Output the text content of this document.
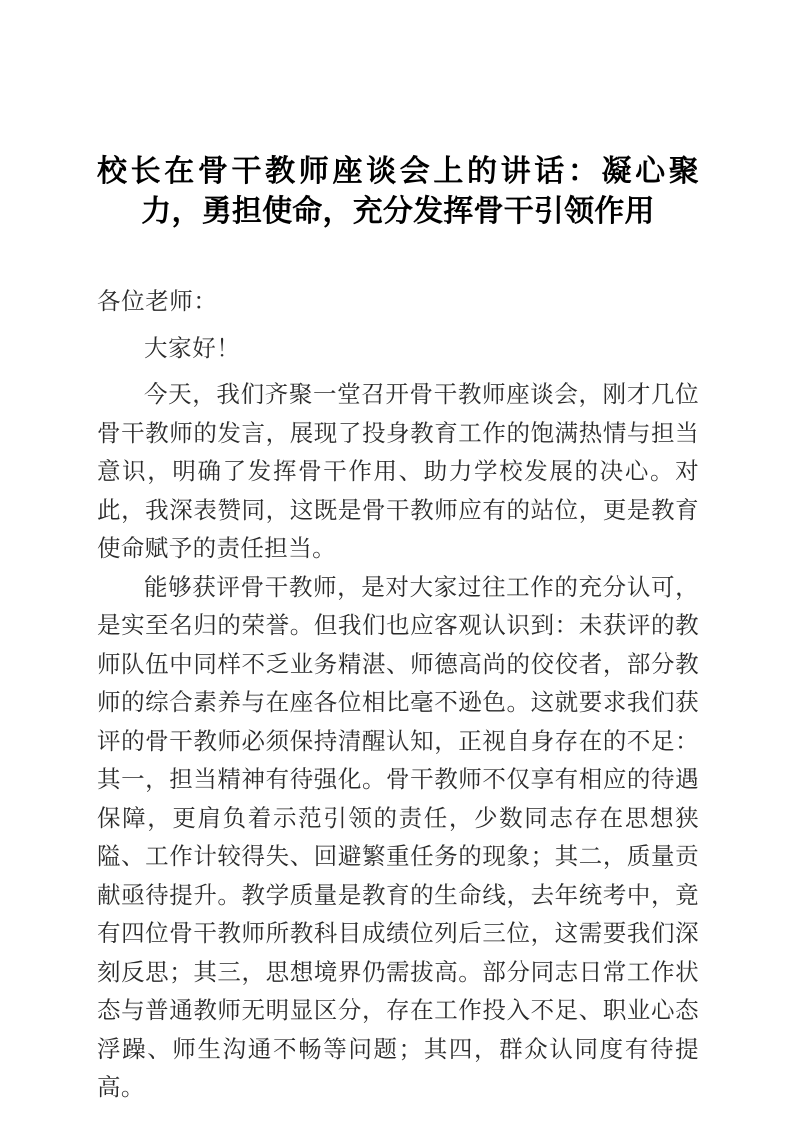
校长在骨干教师座谈会上的讲话：凝心聚力，勇担使命，充分发挥骨干引领作用

各位老师：

大家好！

今天，我们齐聚一堂召开骨干教师座谈会，刚才几位骨干教师的发言，展现了投身教育工作的饱满热情与担当意识，明确了发挥骨干作用、助力学校发展的决心。对此，我深表赞同，这既是骨干教师应有的站位，更是教育使命赋予的责任担当。

能够获评骨干教师，是对大家过往工作的充分认可，是实至名归的荣誉。但我们也应客观认识到：未获评的教师队伍中同样不乏业务精湛、师德高尚的佼佼者，部分教师的综合素养与在座各位相比毫不逊色。这就要求我们获评的骨干教师必须保持清醒认知，正视自身存在的不足：其一，担当精神有待强化。骨干教师不仅享有相应的待遇保障，更肩负着示范引领的责任，少数同志存在思想狭隘、工作计较得失、回避繁重任务的现象；其二，质量贡献亟待提升。教学质量是教育的生命线，去年统考中，竟有四位骨干教师所教科目成绩位列后三位，这需要我们深刻反思；其三，思想境界仍需拔高。部分同志日常工作状态与普通教师无明显区分，存在工作投入不足、职业心态浮躁、师生沟通不畅等问题；其四，群众认同度有待提高。
